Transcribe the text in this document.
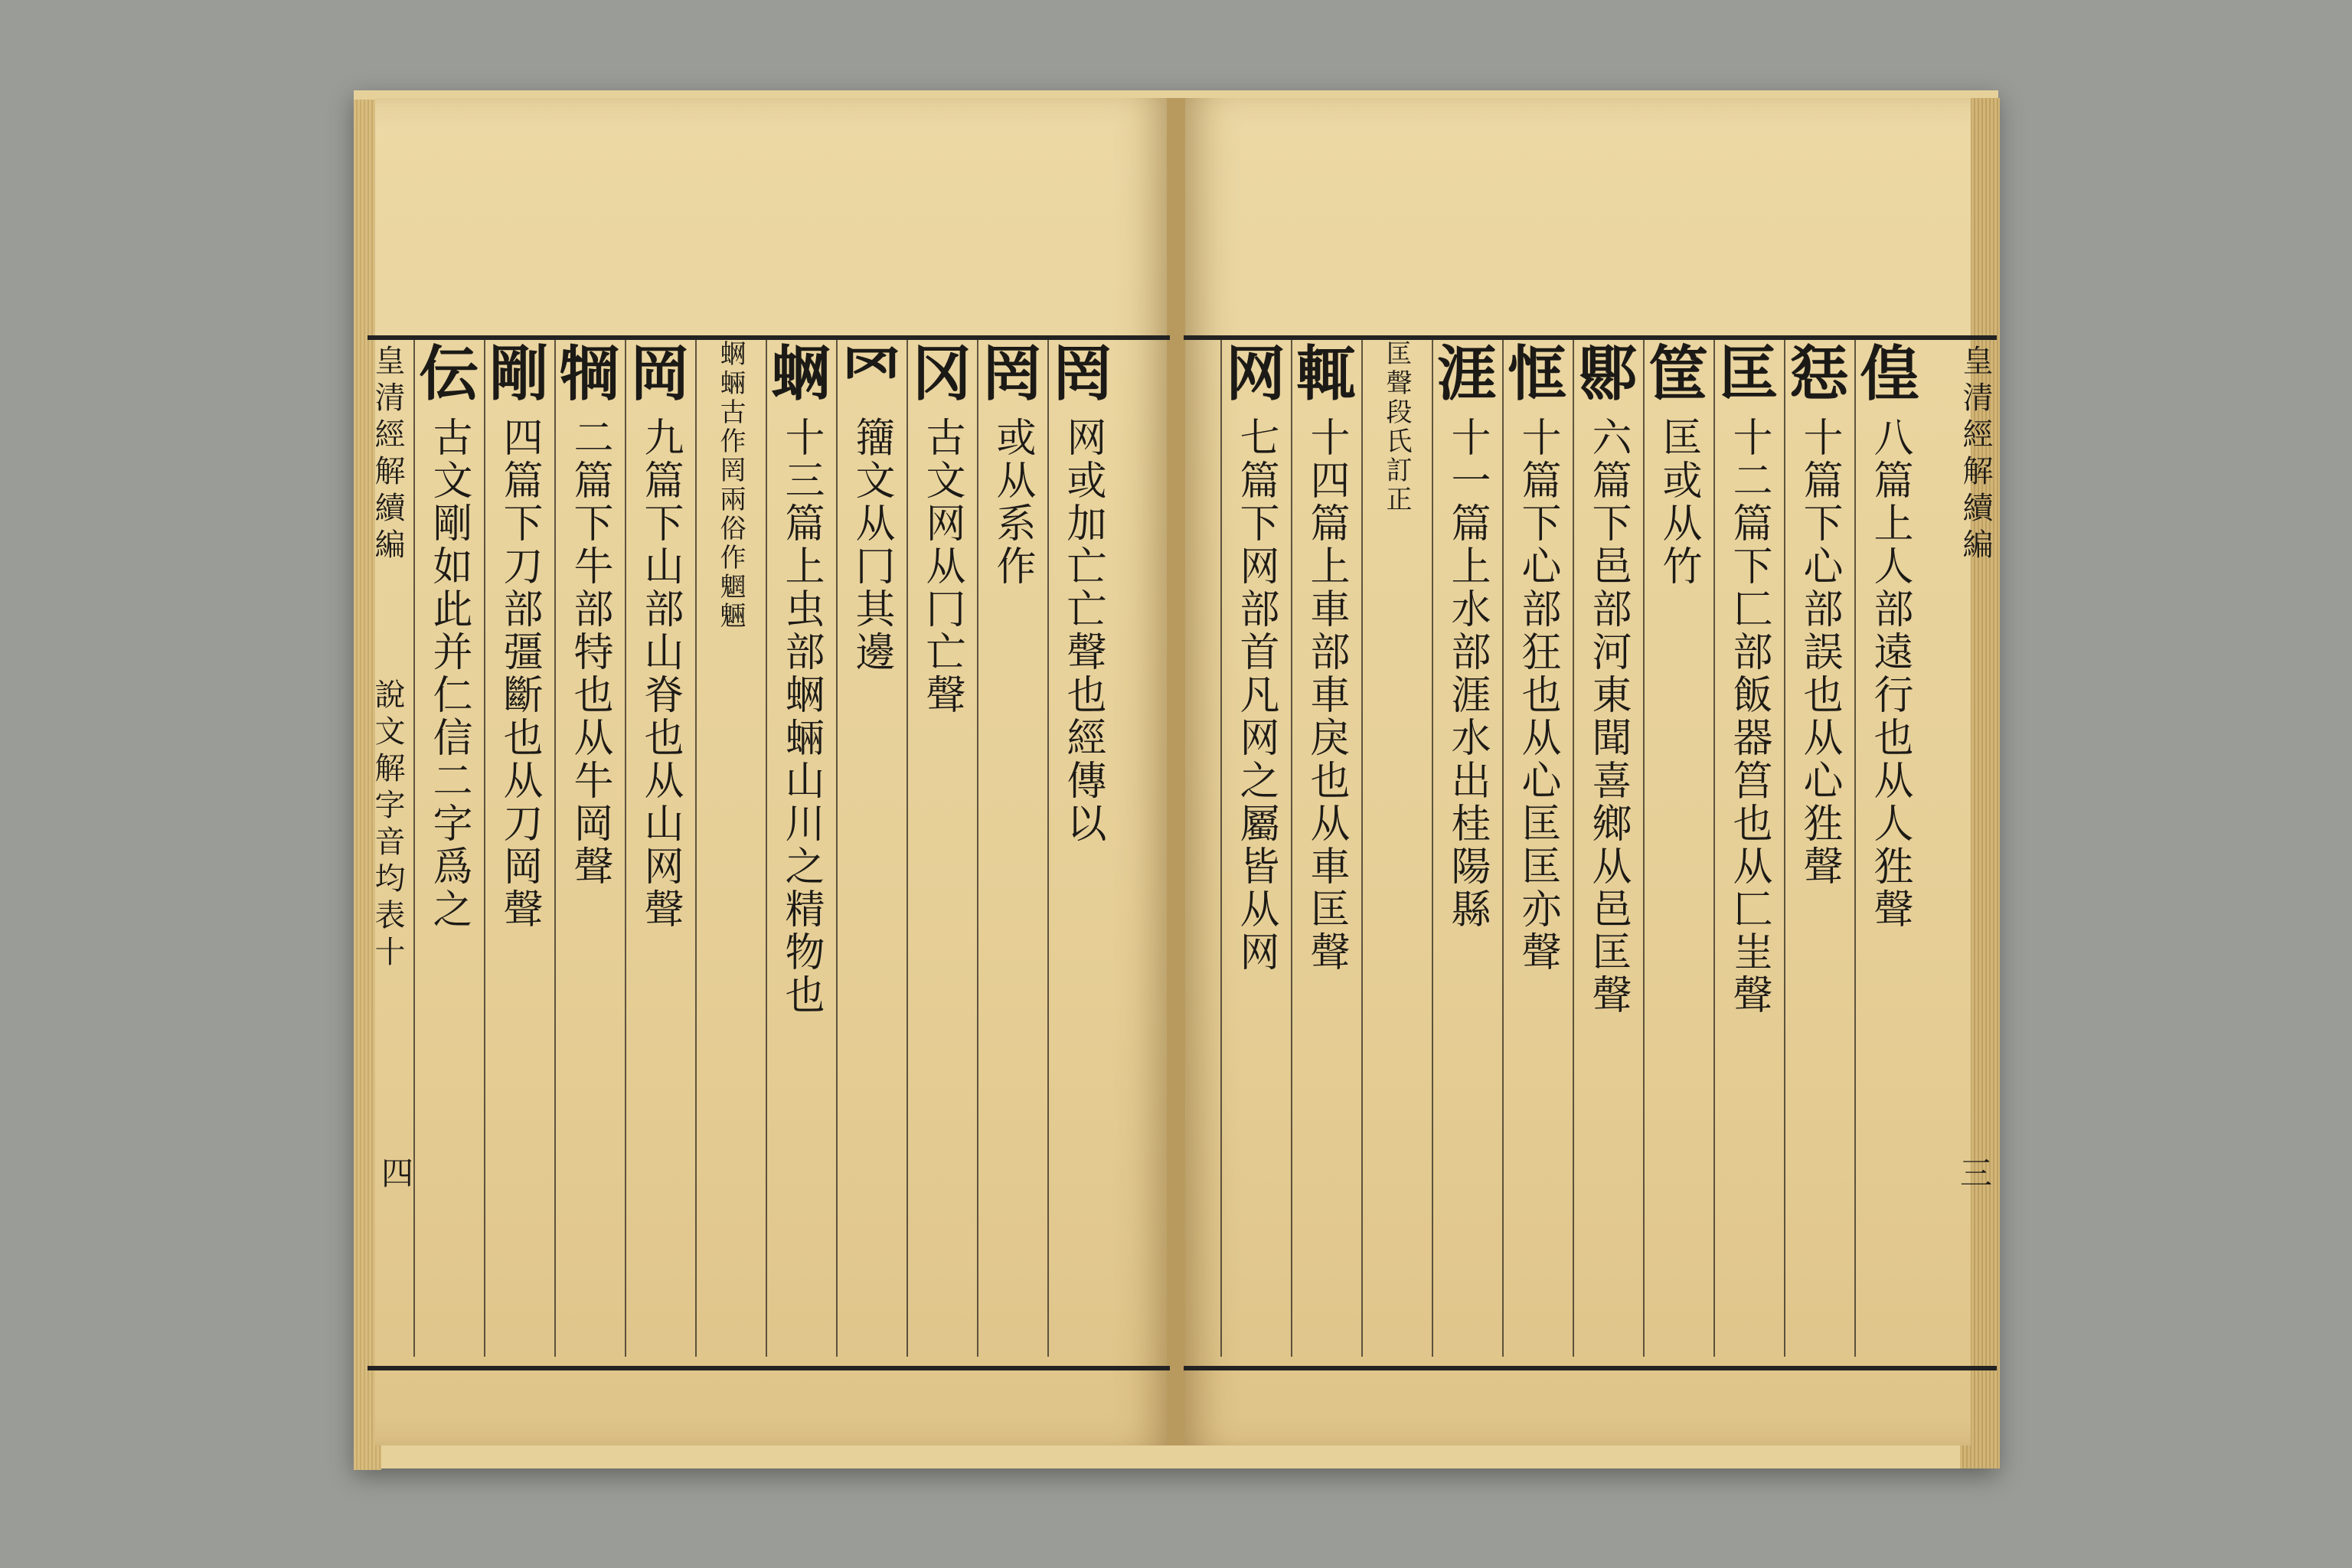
皇清經解續編  說文解字音均表十
皇清經解續編
四	三
伝
古文剛如此并仁信二字爲之
剛
四篇下刀部彊斷也从刀岡聲
犅
二篇下牛部特也从牛岡聲
岡
九篇下山部山脊也从山网聲 蛧蜽古作罔兩俗作魍魎 蛧
十三篇上虫部蛧蜽山川之精物也
罓
籒文从冂其邊
冈
古文网从冂亡聲
罔
或从系作
罔
网或加亡亡聲也經傳以
网
七篇下网部首凡网之屬皆从网
輒
十四篇上車部車戾也从車匡聲 匡聲段氏訂正 涯
十一篇上水部涯水出桂陽縣
恇
十篇下心部狂也从心匡匡亦聲
郻
六篇下邑部河東聞喜鄉从邑匡聲
筐
匡或从竹
匡
十二篇下匚部飯器筥也从匚㞷聲
㤮
十篇下心部誤也从心狌聲
偟
八篇上人部遠行也从人狌聲
